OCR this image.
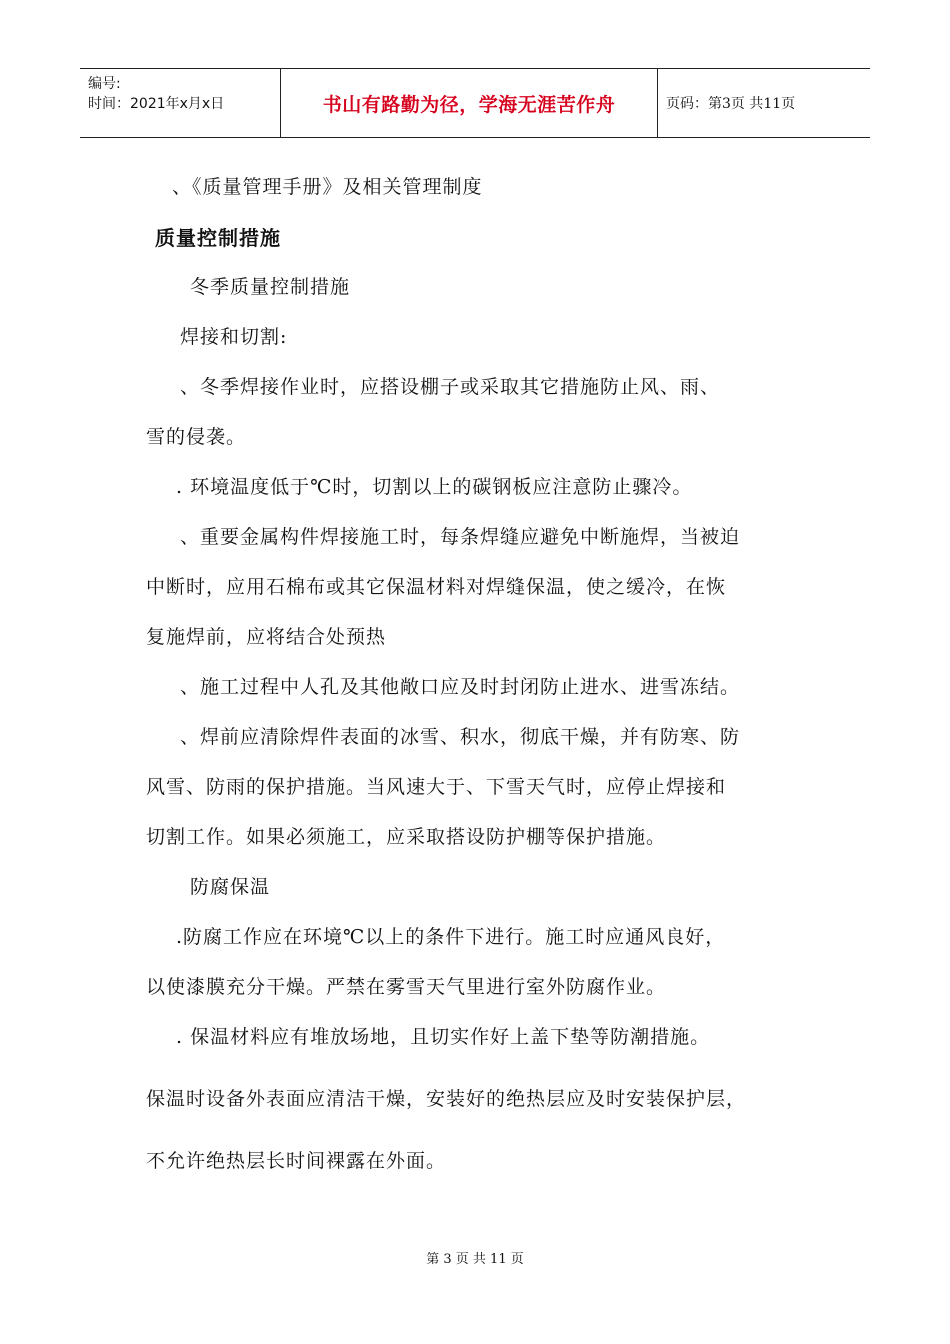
编号:
时间：2021年x月x日	书山有路勤为径，学海无涯苦作舟	页码：第3页 共11页
、《质量管理手册》及相关管理制度
质量控制措施
冬季质量控制措施
焊接和切割:
、冬季焊接作业时，应搭设棚子或采取其它措施防止风、雨、
雪的侵袭。
. 环境温度低于℃时，切割以上的碳钢板应注意防止骤冷。
、重要金属构件焊接施工时，每条焊缝应避免中断施焊，当被迫
中断时，应用石棉布或其它保温材料对焊缝保温，使之缓冷，在恢
复施焊前，应将结合处预热
、施工过程中人孔及其他敞口应及时封闭防止进水、进雪冻结。
、焊前应清除焊件表面的冰雪、积水，彻底干燥，并有防寒、防
风雪、防雨的保护措施。当风速大于、下雪天气时，应停止焊接和
切割工作。如果必须施工，应采取搭设防护棚等保护措施。
防腐保温
.防腐工作应在环境℃以上的条件下进行。施工时应通风良好，
以使漆膜充分干燥。严禁在雾雪天气里进行室外防腐作业。
. 保温材料应有堆放场地，且切实作好上盖下垫等防潮措施。
保温时设备外表面应清洁干燥，安装好的绝热层应及时安装保护层，
不允许绝热层长时间裸露在外面。
第 3 页 共 11 页
